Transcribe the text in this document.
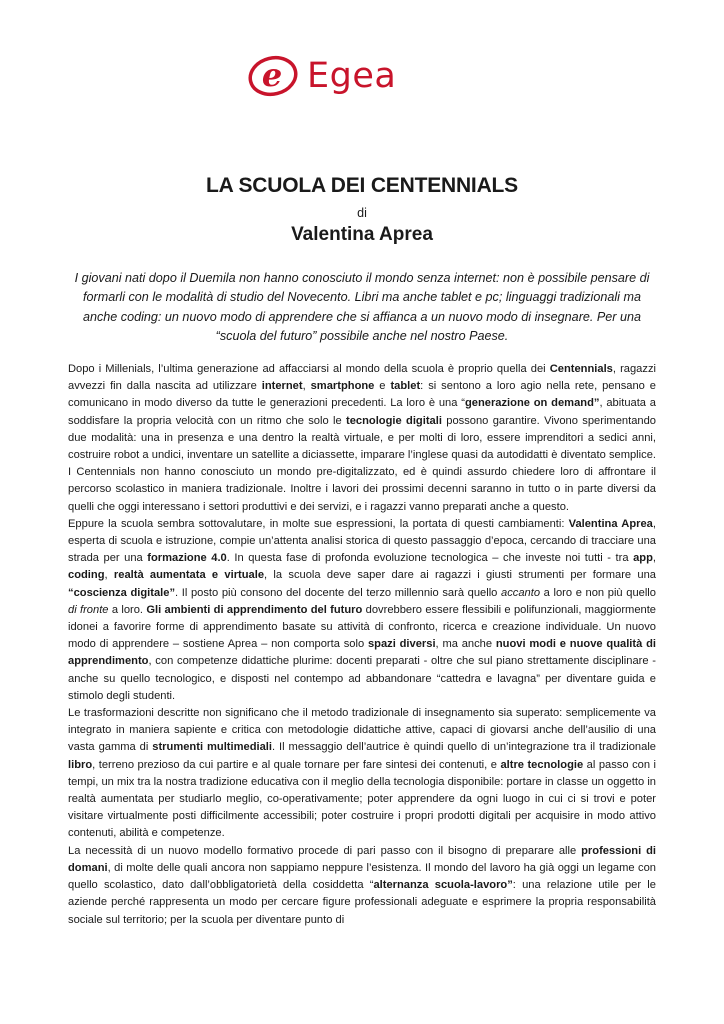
e Egea
LA SCUOLA DEI CENTENNIALS
di
Valentina Aprea

I giovani nati dopo il Duemila non hanno conosciuto il mondo senza internet: non è possibile pensare di formarli con le modalità di studio del Novecento. Libri ma anche tablet e pc; linguaggi tradizionali ma anche coding: un nuovo modo di apprendere che si affianca a un nuovo modo di insegnare. Per una “scuola del futuro” possibile anche nel nostro Paese.

Dopo i Millenials, l’ultima generazione ad affacciarsi al mondo della scuola è proprio quella dei Centennials, ragazzi avvezzi fin dalla nascita ad utilizzare internet, smartphone e tablet: si sentono a loro agio nella rete, pensano e comunicano in modo diverso da tutte le generazioni precedenti. La loro è una “generazione on demand”, abituata a soddisfare la propria velocità con un ritmo che solo le tecnologie digitali possono garantire. Vivono sperimentando due modalità: una in presenza e una dentro la realtà virtuale, e per molti di loro, essere imprenditori a sedici anni, costruire robot a undici, inventare un satellite a diciassette, imparare l’inglese quasi da autodidatti è diventato semplice. I Centennials non hanno conosciuto un mondo pre-digitalizzato, ed è quindi assurdo chiedere loro di affrontare il percorso scolastico in maniera tradizionale. Inoltre i lavori dei prossimi decenni saranno in tutto o in parte diversi da quelli che oggi interessano i settori produttivi e dei servizi, e i ragazzi vanno preparati anche a questo.

Eppure la scuola sembra sottovalutare, in molte sue espressioni, la portata di questi cambiamenti: Valentina Aprea, esperta di scuola e istruzione, compie un’attenta analisi storica di questo passaggio d’epoca, cercando di tracciare una strada per una formazione 4.0. In questa fase di profonda evoluzione tecnologica – che investe noi tutti - tra app, coding, realtà aumentata e virtuale, la scuola deve saper dare ai ragazzi i giusti strumenti per formare una “coscienza digitale”. Il posto più consono del docente del terzo millennio sarà quello accanto a loro e non più quello di fronte a loro. Gli ambienti di apprendimento del futuro dovrebbero essere flessibili e polifunzionali, maggiormente idonei a favorire forme di apprendimento basate su attività di confronto, ricerca e creazione individuale. Un nuovo modo di apprendere – sostiene Aprea – non comporta solo spazi diversi, ma anche nuovi modi e nuove qualità di apprendimento, con competenze didattiche plurime: docenti preparati - oltre che sul piano strettamente disciplinare - anche su quello tecnologico, e disposti nel contempo ad abbandonare “cattedra e lavagna” per diventare guida e stimolo degli studenti.

Le trasformazioni descritte non significano che il metodo tradizionale di insegnamento sia superato: semplicemente va integrato in maniera sapiente e critica con metodologie didattiche attive, capaci di giovarsi anche dell’ausilio di una vasta gamma di strumenti multimediali. Il messaggio dell’autrice è quindi quello di un’integrazione tra il tradizionale libro, terreno prezioso da cui partire e al quale tornare per fare sintesi dei contenuti, e altre tecnologie al passo con i tempi, un mix tra la nostra tradizione educativa con il meglio della tecnologia disponibile: portare in classe un oggetto in realtà aumentata per studiarlo meglio, co-operativamente; poter apprendere da ogni luogo in cui ci si trovi e poter visitare virtualmente posti difficilmente accessibili; poter costruire i propri prodotti digitali per acquisire in modo attivo contenuti, abilità e competenze.

La necessità di un nuovo modello formativo procede di pari passo con il bisogno di preparare alle professioni di domani, di molte delle quali ancora non sappiamo neppure l’esistenza. Il mondo del lavoro ha già oggi un legame con quello scolastico, dato dall’obbligatorietà della cosiddetta “alternanza scuola-lavoro”: una relazione utile per le aziende perché rappresenta un modo per cercare figure professionali adeguate e esprimere la propria responsabilità sociale sul territorio; per la scuola per diventare punto di
